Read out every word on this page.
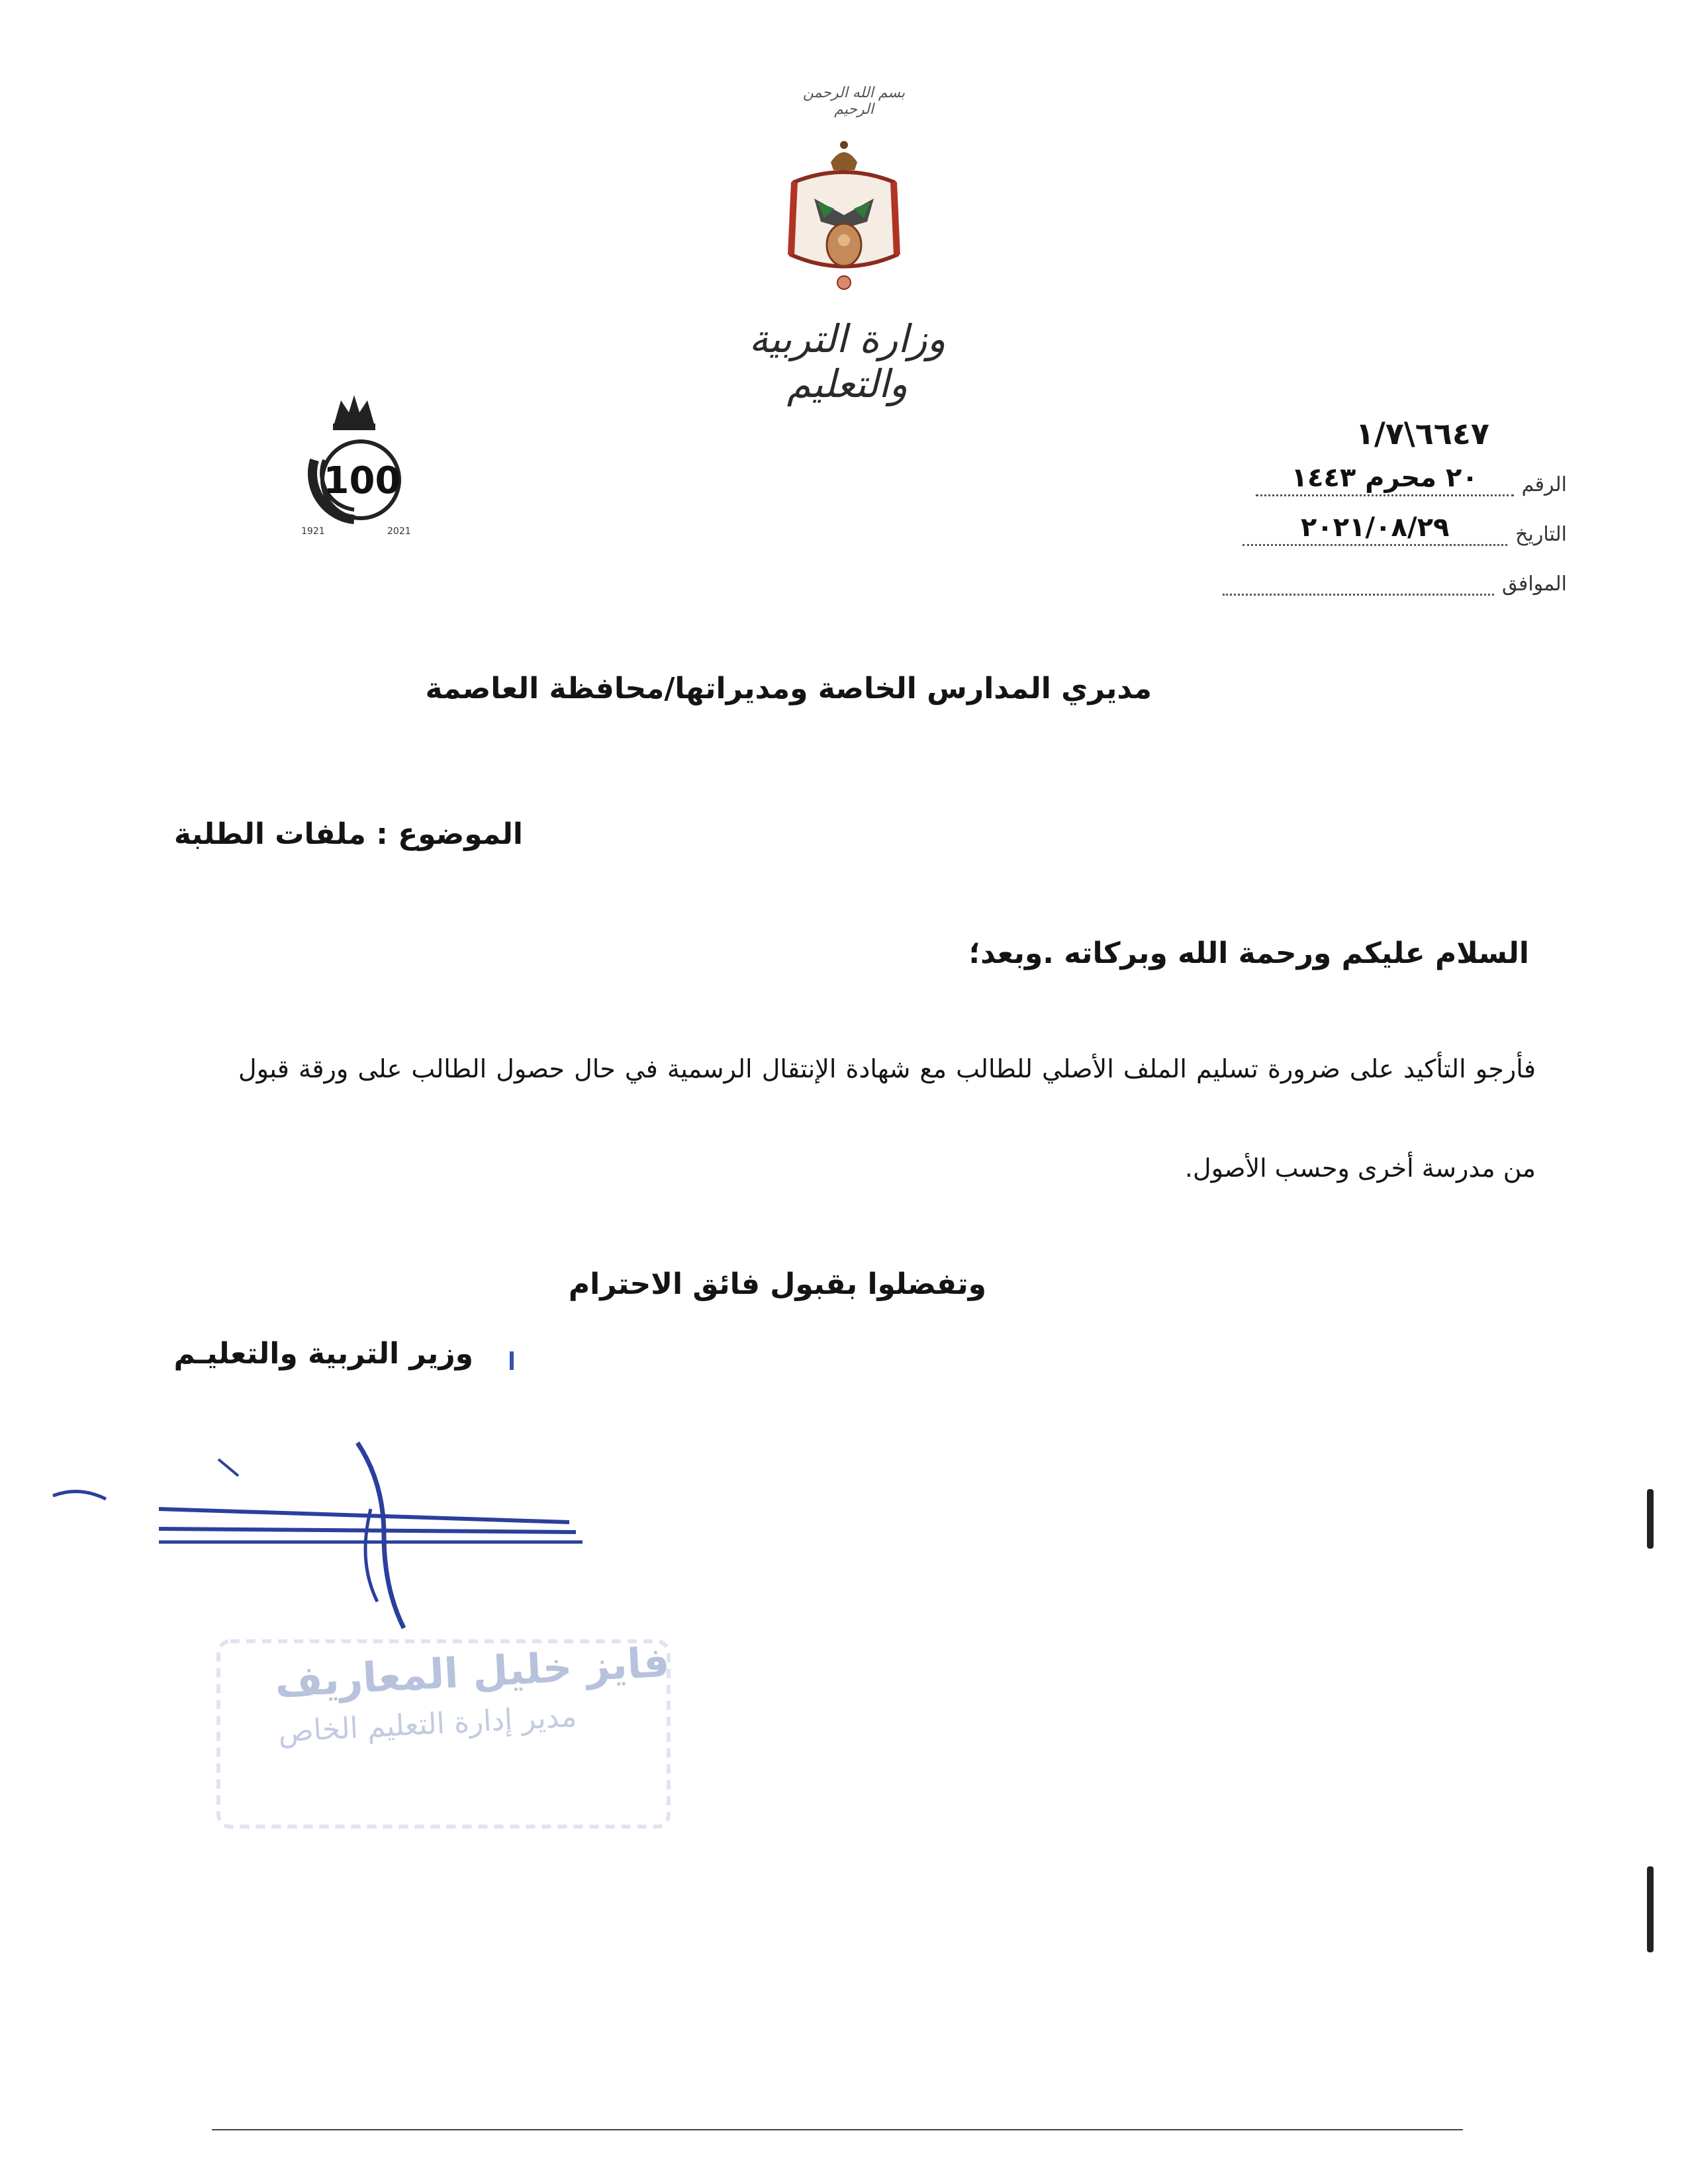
بسم الله الرحمن الرحيم
وزارة التربية والتعليم
100
1921	2021
٦٦٤٧\١/٧
الرقم
٢٠ محرم ١٤٤٣
التاريخ
٢٠٢١/٠٨/٢٩
الموافق
مديري المدارس الخاصة ومديراتها/محافظة العاصمة
الموضوع : ملفات الطلبة
السلام عليكم ورحمة الله وبركاته .وبعد؛
فأرجو التأكيد على ضرورة تسليم الملف الأصلي للطالب مع شهادة الإنتقال الرسمية في حال حصول الطالب على ورقة قبول من مدرسة أخرى وحسب الأصول.
وتفضلوا بقبول فائق الاحترام
وزير التربية والتعليـم
فايز خليل المعاريف
مدير إدارة التعليم الخاص
